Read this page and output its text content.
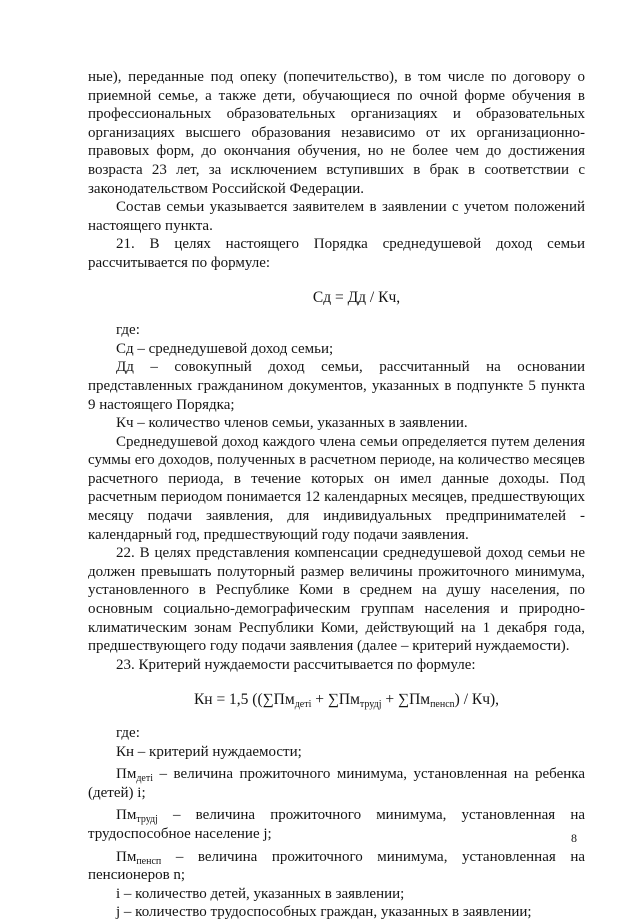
ные), переданные под опеку (попечительство), в том числе по договору о приемной семье, а также дети, обучающиеся по очной форме обучения в профессиональных образовательных организациях и образовательных организациях высшего образования независимо от их организационно-правовых форм, до окончания обучения, но не более чем до достижения возраста 23 лет, за исключением вступивших в брак в соответствии с законодательством Российской Федерации.

Состав семьи указывается заявителем в заявлении с учетом положений настоящего пункта.

21. В целях настоящего Порядка среднедушевой доход семьи рассчитывается по формуле:

Сд = Дд / Кч,

где:

Сд – среднедушевой доход семьи;

Дд – совокупный доход семьи, рассчитанный на основании представленных гражданином документов, указанных в подпункте 5 пункта 9 настоящего Порядка;

Кч – количество членов семьи, указанных в заявлении.

Среднедушевой доход каждого члена семьи определяется путем деления суммы его доходов, полученных в расчетном периоде, на количество месяцев расчетного периода, в течение которых он имел данные доходы. Под расчетным периодом понимается 12 календарных месяцев, предшествующих месяцу подачи заявления, для индивидуальных предпринимателей - календарный год, предшествующий году подачи заявления.

22. В целях представления компенсации среднедушевой доход семьи не должен превышать полуторный размер величины прожиточного минимума, установленного в Республике Коми в среднем на душу населения, по основным социально-демографическим группам населения и природно-климатическим зонам Республики Коми, действующий на 1 декабря года, предшествующего году подачи заявления (далее – критерий нуждаемости).

23. Критерий нуждаемости рассчитывается по формуле:

Кн = 1,5 $((\sum Пм_{детi} + \sum Пм_{трудj} + \sum Пм_{пенсn}) / Кч)$,

где:

Кн – критерий нуждаемости;

$Пм_{детi}$ – величина прожиточного минимума, установленная на ребенка (детей) i;

$Пм_{трудj}$ – величина прожиточного минимума, установленная на трудоспособное население j;

$Пм_{пенсп}$ – величина прожиточного минимума, установленная на пенсионеров n;

i – количество детей, указанных в заявлении;

j – количество трудоспособных граждан, указанных в заявлении;

8
